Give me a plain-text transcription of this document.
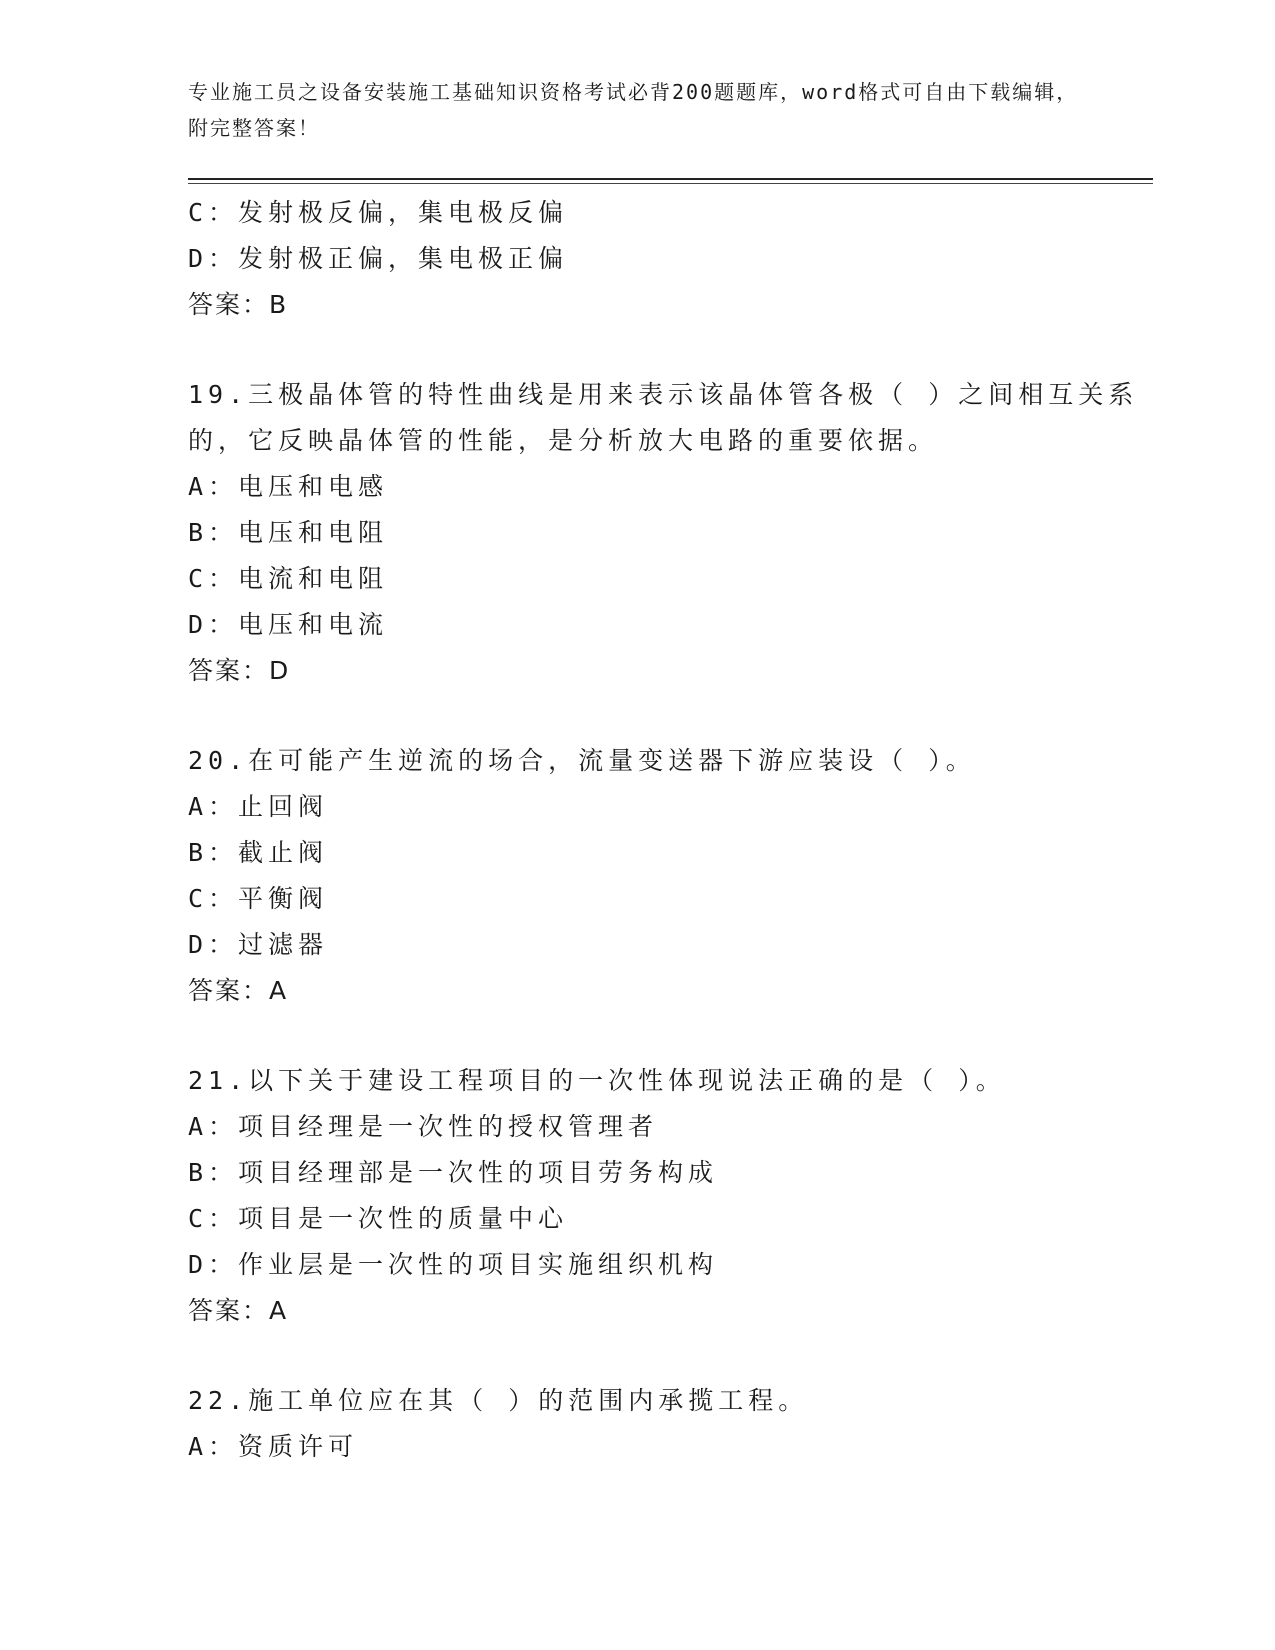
专业施工员之设备安装施工基础知识资格考试必背200题题库，word格式可自由下载编辑，附完整答案！
C：发射极反偏，集电极反偏
D：发射极正偏，集电极正偏
答案：B
19.三极晶体管的特性曲线是用来表示该晶体管各极（ ）之间相互关系的，它反映晶体管的性能，是分析放大电路的重要依据。
A：电压和电感
B：电压和电阻
C：电流和电阻
D：电压和电流
答案：D
20.在可能产生逆流的场合，流量变送器下游应装设（ ）。
A：止回阀
B：截止阀
C：平衡阀
D：过滤器
答案：A
21.以下关于建设工程项目的一次性体现说法正确的是（ ）。
A：项目经理是一次性的授权管理者
B：项目经理部是一次性的项目劳务构成
C：项目是一次性的质量中心
D：作业层是一次性的项目实施组织机构
答案：A
22.施工单位应在其（ ）的范围内承揽工程。
A：资质许可
